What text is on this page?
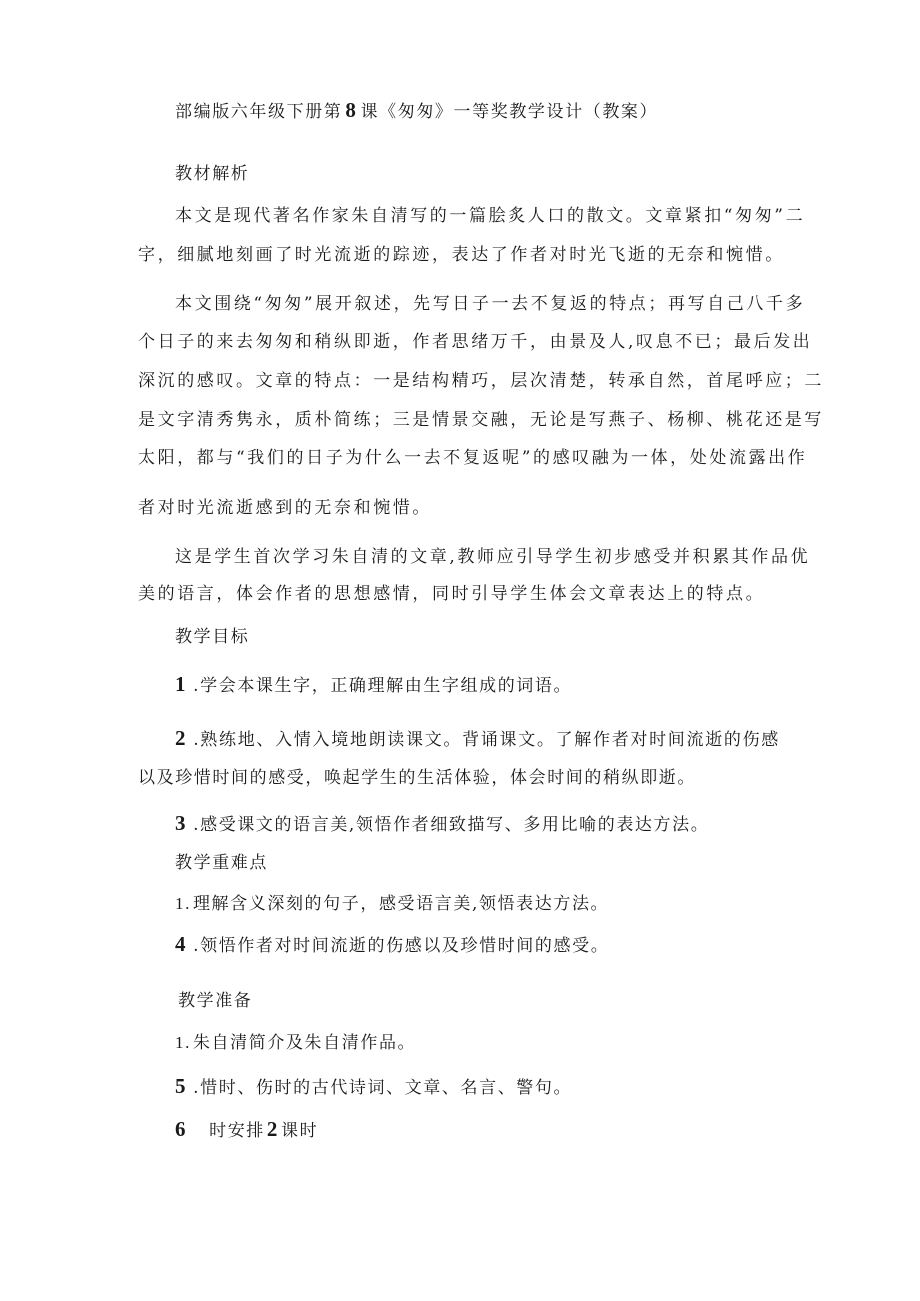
部编版六年级下册第 8 课《匆匆》一等奖教学设计（教案）
教材解析
本文是现代著名作家朱自清写的一篇脍炙人口的散文。文章紧扣“匆匆”二
字，细腻地刻画了时光流逝的踪迹，表达了作者对时光飞逝的无奈和惋惜。
本文围绕“匆匆”展开叙述，先写日子一去不复返的特点；再写自己八千多
个日子的来去匆匆和稍纵即逝，作者思绪万千，由景及人,叹息不已；最后发出
深沉的感叹。文章的特点：一是结构精巧，层次清楚，转承自然，首尾呼应；二
是文字清秀隽永，质朴简练；三是情景交融，无论是写燕子、杨柳、桃花还是写
太阳，都与“我们的日子为什么一去不复返呢”的感叹融为一体，处处流露出作
者对时光流逝感到的无奈和惋惜。
这是学生首次学习朱自清的文章,教师应引导学生初步感受并积累其作品优
美的语言，体会作者的思想感情，同时引导学生体会文章表达上的特点。
教学目标
1 .学会本课生字，正确理解由生字组成的词语。
2 .熟练地、入情入境地朗读课文。背诵课文。了解作者对时间流逝的伤感
以及珍惜时间的感受，唤起学生的生活体验，体会时间的稍纵即逝。
3 .感受课文的语言美,领悟作者细致描写、多用比喻的表达方法。
教学重难点
1. 理解含义深刻的句子，感受语言美,领悟表达方法。
4 .领悟作者对时间流逝的伤感以及珍惜时间的感受。
教学准备
1. 朱自清简介及朱自清作品。
5 .惜时、伤时的古代诗词、文章、名言、警句。
6 时安排2 课时
